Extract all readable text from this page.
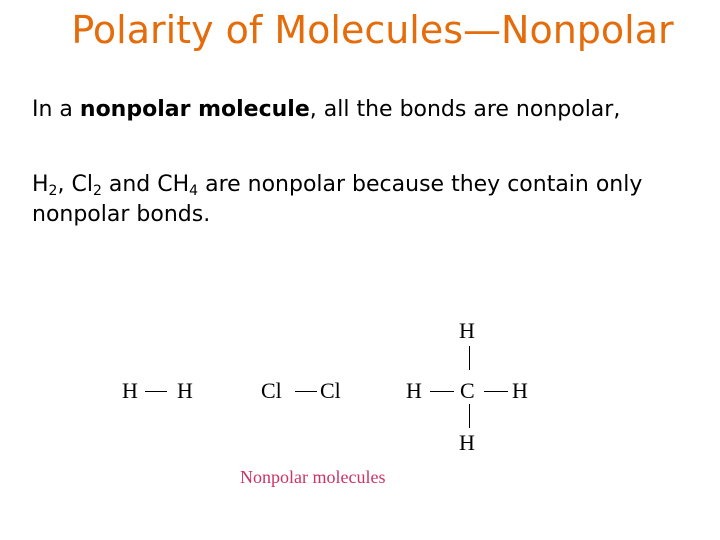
Polarity of Molecules—Nonpolar
In a nonpolar molecule, all the bonds are nonpolar,
$H_2$, $Cl_2$ and $CH_4$ are nonpolar because they contain only nonpolar bonds.
H H	Cl Cl
H
H C H
H
Nonpolar molecules
